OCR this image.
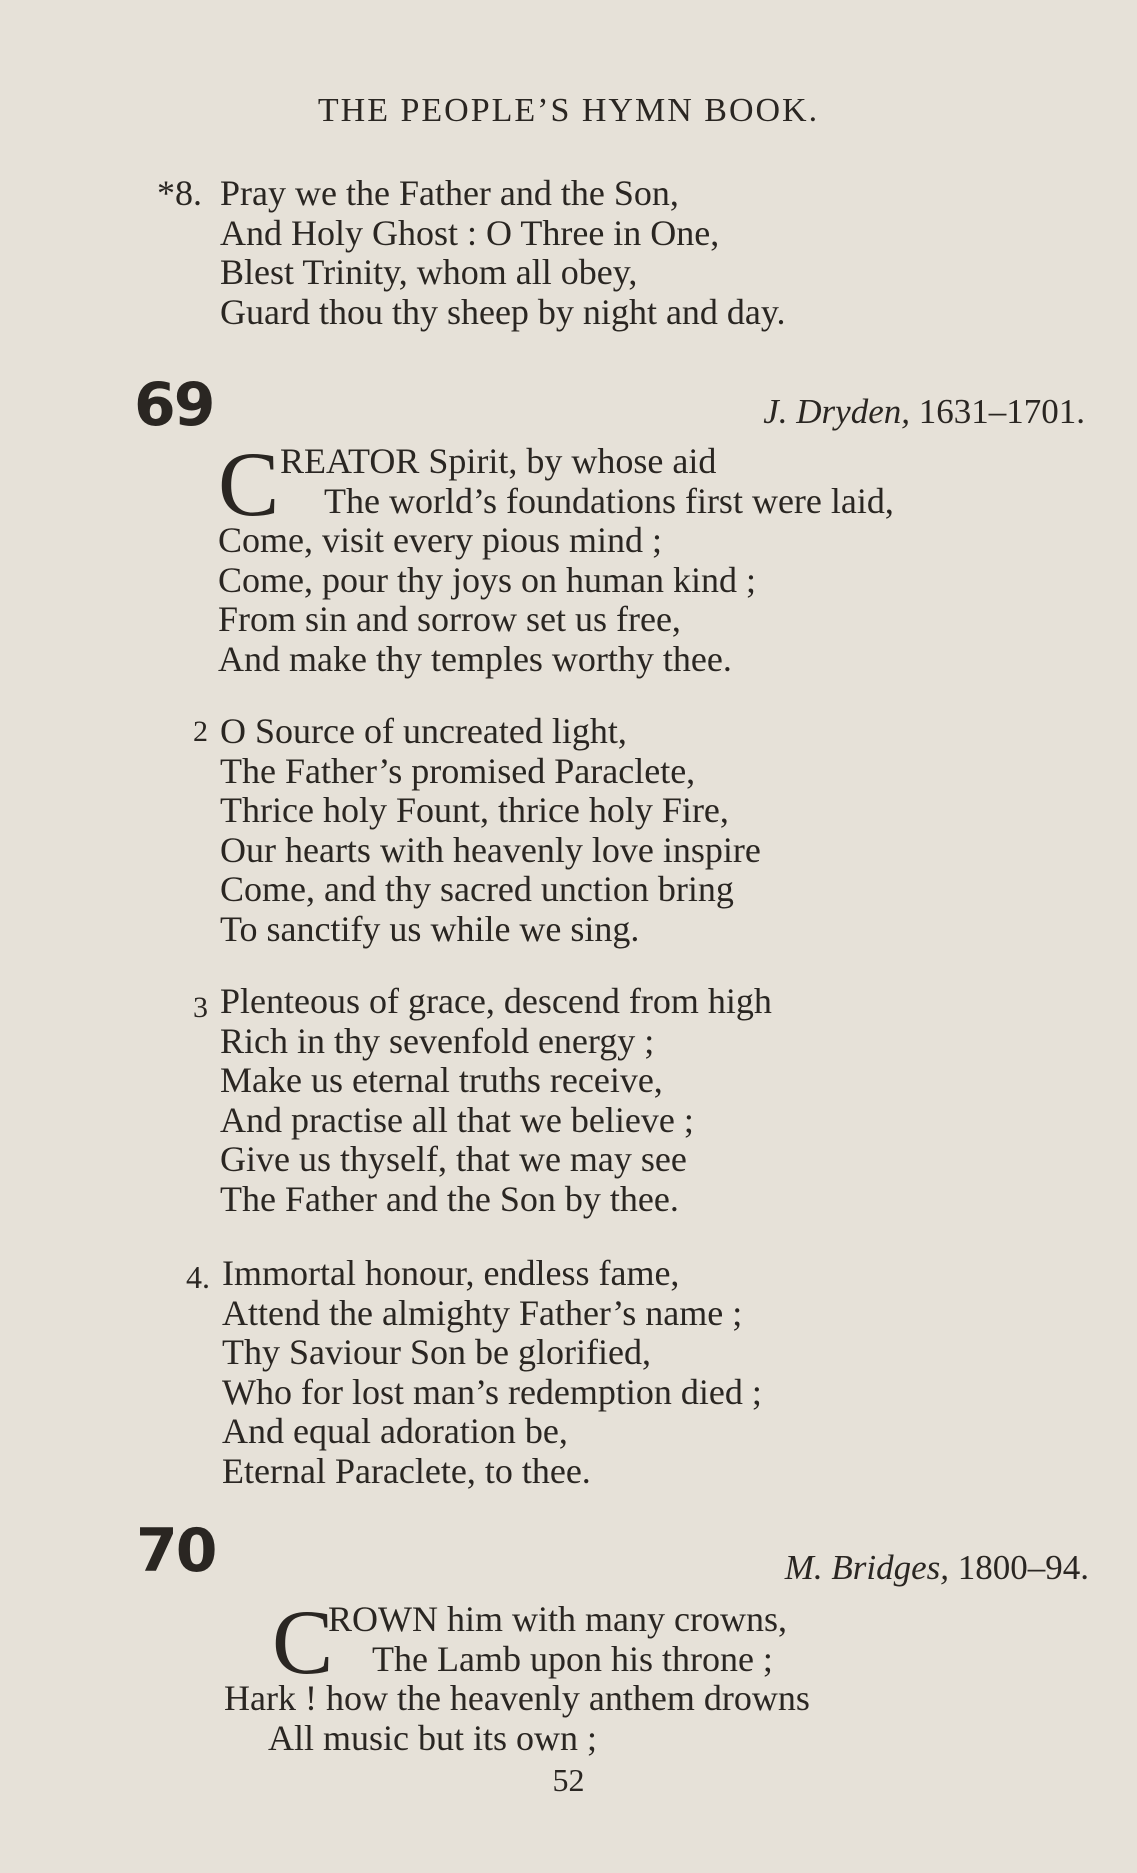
THE PEOPLE’S HYMN BOOK.
*8. Pray we the Father and the Son,
And Holy Ghost : O Three in One,
Blest Trinity, whom all obey,
Guard thou thy sheep by night and day.
69	J. Dryden, 1631–1701.
C REATOR Spirit, by whose aid
The world’s foundations first were laid,
Come, visit every pious mind ;
Come, pour thy joys on human kind ;
From sin and sorrow set us free,
And make thy temples worthy thee.
2 O Source of uncreated light,
The Father’s promised Paraclete,
Thrice holy Fount, thrice holy Fire,
Our hearts with heavenly love inspire
Come, and thy sacred unction bring
To sanctify us while we sing.
3 Plenteous of grace, descend from high
Rich in thy sevenfold energy ;
Make us eternal truths receive,
And practise all that we believe ;
Give us thyself, that we may see
The Father and the Son by thee.
4. Immortal honour, endless fame,
Attend the almighty Father’s name ;
Thy Saviour Son be glorified,
Who for lost man’s redemption died ;
And equal adoration be,
Eternal Paraclete, to thee.
70	M. Bridges, 1800–94.
C
ROWN him with many crowns,
The Lamb upon his throne ;
Hark ! how the heavenly anthem drowns
All music but its own ;
52
